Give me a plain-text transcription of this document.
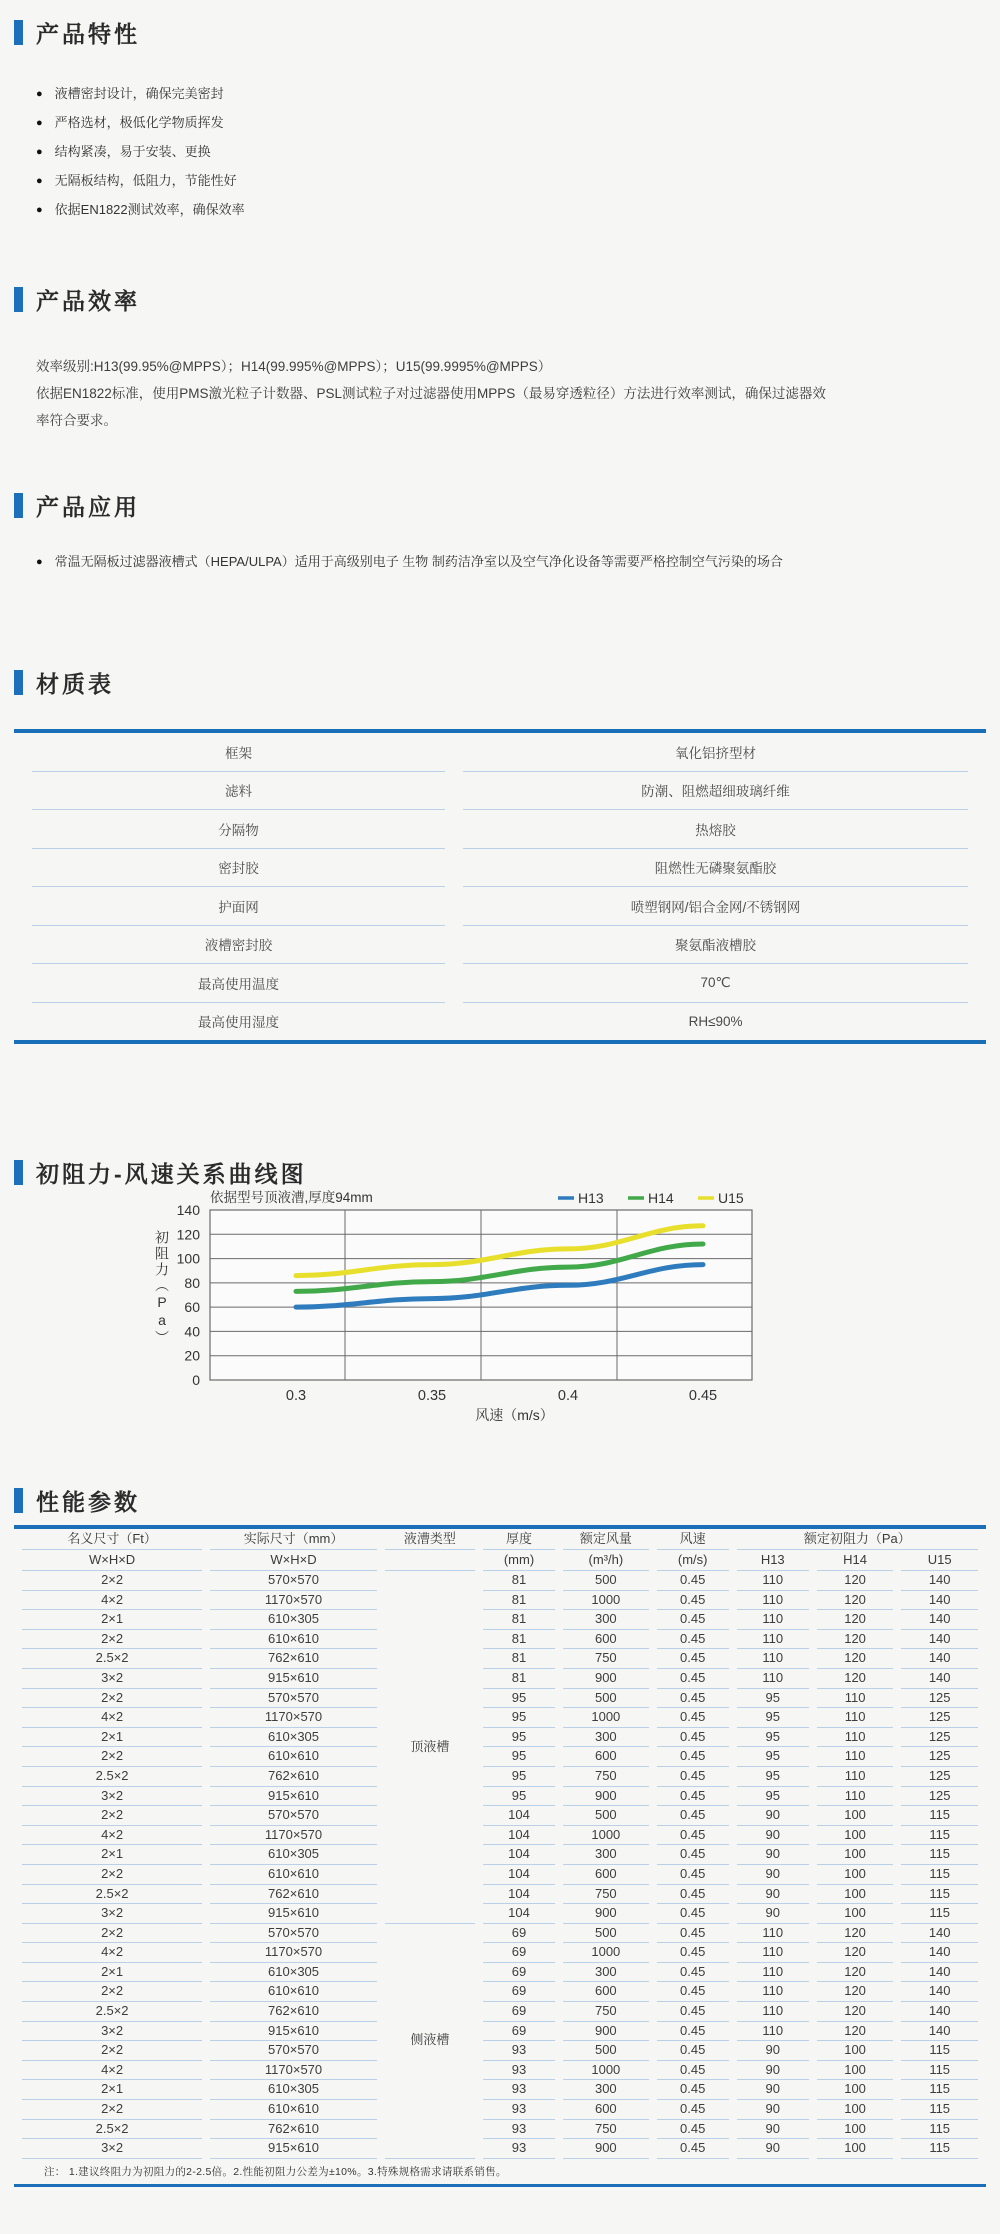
产品特性
● 液槽密封设计，确保完美密封
● 严格选材，极低化学物质挥发
● 结构紧凑，易于安装、更换
● 无隔板结构，低阻力，节能性好
● 依据EN1822测试效率，确保效率
产品效率
效率级别:H13(99.95%@MPPS）；H14(99.995%@MPPS）；U15(99.9995%@MPPS）
依据EN1822标准，使用PMS激光粒子计数器、PSL测试粒子对过滤器使用MPPS（最易穿透粒径）方法进行效率测试，确保过滤器效
率符合要求。
产品应用
● 常温无隔板过滤器液槽式（HEPA/ULPA）适用于高级别电子 生物 制药洁净室以及空气净化设备等需要严格控制空气污染的场合
材质表
框架	氧化铝挤型材
滤料	防潮、阻燃超细玻璃纤维
分隔物	热熔胶
密封胶	阻燃性无磷聚氨酯胶
护面网	喷塑钢网/铝合金网/不锈钢网
液槽密封胶	聚氨酯液槽胶
最高使用温度	70℃
最高使用湿度	RH≤90%
初阻力-风速关系曲线图
0
20
40
60
80
100
120
140
依据型号顶液漕,厚度94mm	U15
H14
H13
0.3	0.35	0.4	0.45
风速（m/s）
初阻力（Pa）
性能参数
名义尺寸（Ft）	实际尺寸（mm）	液漕类型	厚度	额定风量	风速	额定初阻力（Pa）		
W×H×D	W×H×D		(mm)	(m³/h)	(m/s)	H13	H14	U15
2×2	570×570	顶液槽	81	500	0.45	110	120	140
4×2	1170×570		81	1000	0.45	110	120	140
2×1	610×305		81	300	0.45	110	120	140
2×2	610×610		81	600	0.45	110	120	140
2.5×2	762×610		81	750	0.45	110	120	140
3×2	915×610		81	900	0.45	110	120	140
2×2	570×570		95	500	0.45	95	110	125
4×2	1170×570		95	1000	0.45	95	110	125
2×1	610×305		95	300	0.45	95	110	125
2×2	610×610		95	600	0.45	95	110	125
2.5×2	762×610		95	750	0.45	95	110	125
3×2	915×610		95	900	0.45	95	110	125
2×2	570×570		104	500	0.45	90	100	115
4×2	1170×570		104	1000	0.45	90	100	115
2×1	610×305		104	300	0.45	90	100	115
2×2	610×610		104	600	0.45	90	100	115
2.5×2	762×610		104	750	0.45	90	100	115
3×2	915×610		104	900	0.45	90	100	115
2×2	570×570	侧液槽	69	500	0.45	110	120	140
4×2	1170×570		69	1000	0.45	110	120	140
2×1	610×305		69	300	0.45	110	120	140
2×2	610×610		69	600	0.45	110	120	140
2.5×2	762×610		69	750	0.45	110	120	140
3×2	915×610		69	900	0.45	110	120	140
2×2	570×570		93	500	0.45	90	100	115
4×2	1170×570		93	1000	0.45	90	100	115
2×1	610×305		93	300	0.45	90	100	115
2×2	610×610		93	600	0.45	90	100	115
2.5×2	762×610		93	750	0.45	90	100	115
3×2	915×610		93	900	0.45	90	100	115
注： 1.建议终阻力为初阻力的2-2.5倍。2.性能初阻力公差为±10%。3.特殊规格需求请联系销售。
